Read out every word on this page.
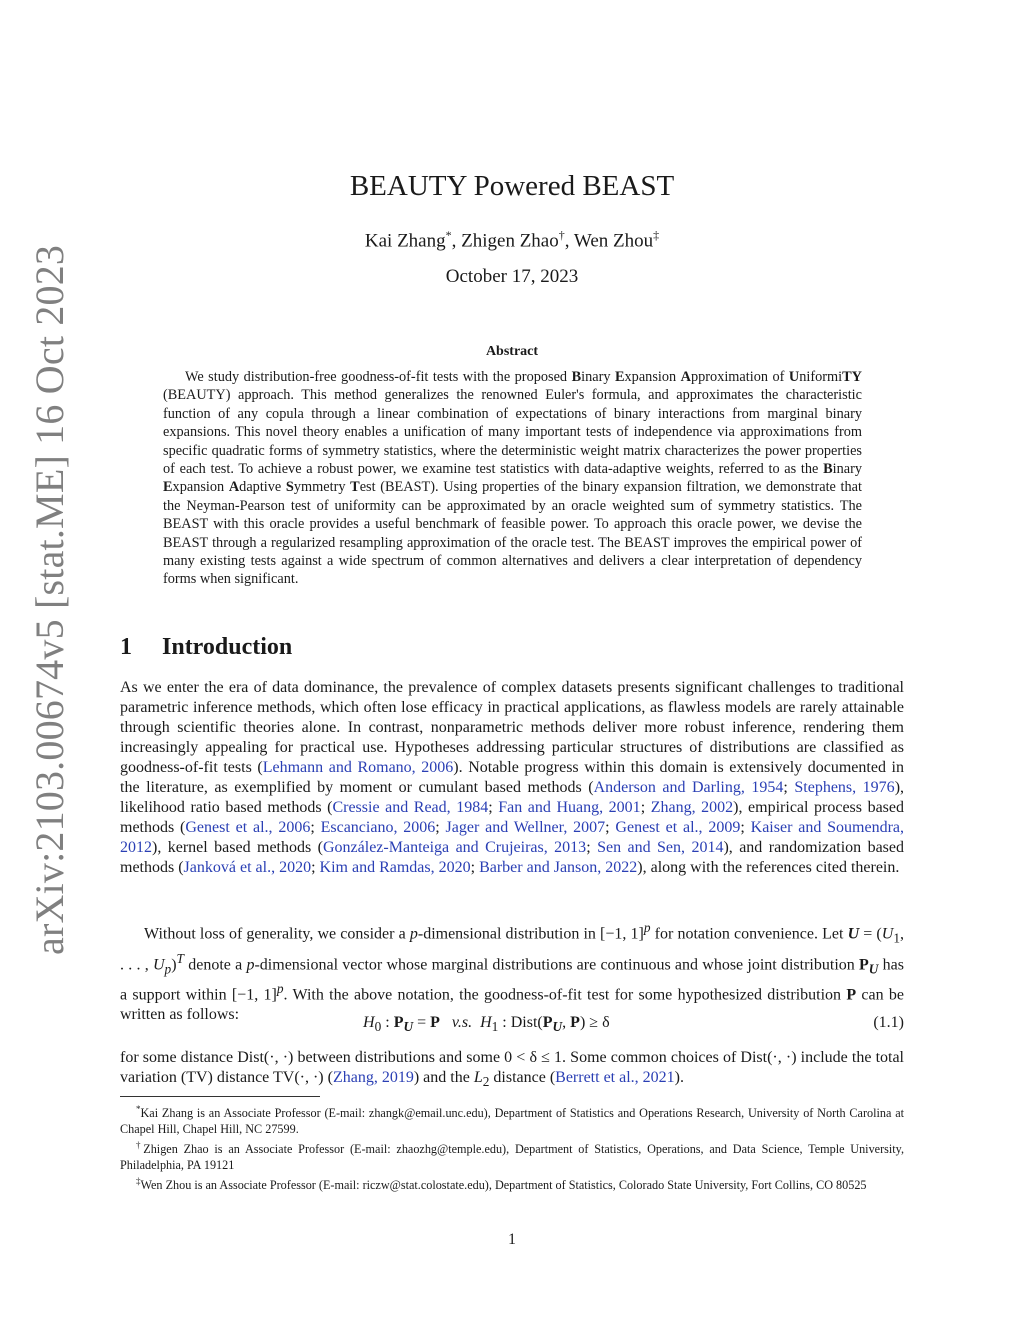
arXiv:2103.00674v5 [stat.ME] 16 Oct 2023
BEAUTY Powered BEAST
Kai Zhang*, Zhigen Zhao†, Wen Zhou‡
October 17, 2023
Abstract

We study distribution-free goodness-of-fit tests with the proposed Binary Expansion Approximation of UniformiTY (BEAUTY) approach. This method generalizes the renowned Euler's formula, and approximates the characteristic function of any copula through a linear combination of expectations of binary interactions from marginal binary expansions. This novel theory enables a unification of many important tests of independence via approximations from specific quadratic forms of symmetry statistics, where the deterministic weight matrix characterizes the power properties of each test. To achieve a robust power, we examine test statistics with data-adaptive weights, referred to as the Binary Expansion Adaptive Symmetry Test (BEAST). Using properties of the binary expansion filtration, we demonstrate that the Neyman-Pearson test of uniformity can be approximated by an oracle weighted sum of symmetry statistics. The BEAST with this oracle provides a useful benchmark of feasible power. To approach this oracle power, we devise the BEAST through a regularized resampling approximation of the oracle test. The BEAST improves the empirical power of many existing tests against a wide spectrum of common alternatives and delivers a clear interpretation of dependency forms when significant.

1 Introduction

As we enter the era of data dominance, the prevalence of complex datasets presents significant challenges to traditional parametric inference methods, which often lose efficacy in practical applications, as flawless models are rarely attainable through scientific theories alone. In contrast, nonparametric methods deliver more robust inference, rendering them increasingly appealing for practical use. Hypotheses addressing particular structures of distributions are classified as goodness-of-fit tests (Lehmann and Romano, 2006). Notable progress within this domain is extensively documented in the literature, as exemplified by moment or cumulant based methods (Anderson and Darling, 1954; Stephens, 1976), likelihood ratio based methods (Cressie and Read, 1984; Fan and Huang, 2001; Zhang, 2002), empirical process based methods (Genest et al., 2006; Escanciano, 2006; Jager and Wellner, 2007; Genest et al., 2009; Kaiser and Soumendra, 2012), kernel based methods (González-Manteiga and Crujeiras, 2013; Sen and Sen, 2014), and randomization based methods (Janková et al., 2020; Kim and Ramdas, 2020; Barber and Janson, 2022), along with the references cited therein.

Without loss of generality, we consider a p-dimensional distribution in [−1, 1]$^p$ for notation convenience. Let $U = (U_1$, . . . , $U_p)^T$ denote a p-dimensional vector whose marginal distributions are continuous and whose joint distribution $P_U$ has a support within [−1, 1]$^p$. With the above notation, the goodness-of-fit test for some hypothesized distribution P can be written as follows:	$H_0$ : $P_U = P$ v.s. $H_1$ : $Dist(P_U$, P) ≥ δ	(1.1)

for some distance Dist(·, ·) between distributions and some 0 < δ ≤ 1. Some common choices of Dist(·, ·) include the total variation (TV) distance TV(·, ·) (Zhang, 2019) and the $L_2$ distance (Berrett et al., 2021).

*Kai Zhang is an Associate Professor (E-mail: zhangk@email.unc.edu), Department of Statistics and Operations Research, University of North Carolina at Chapel Hill, Chapel Hill, NC 27599.

†Zhigen Zhao is an Associate Professor (E-mail: zhaozhg@temple.edu), Department of Statistics, Operations, and Data Science, Temple University, Philadelphia, PA 19121

‡Wen Zhou is an Associate Professor (E-mail: riczw@stat.colostate.edu), Department of Statistics, Colorado State University, Fort Collins, CO 80525

1
